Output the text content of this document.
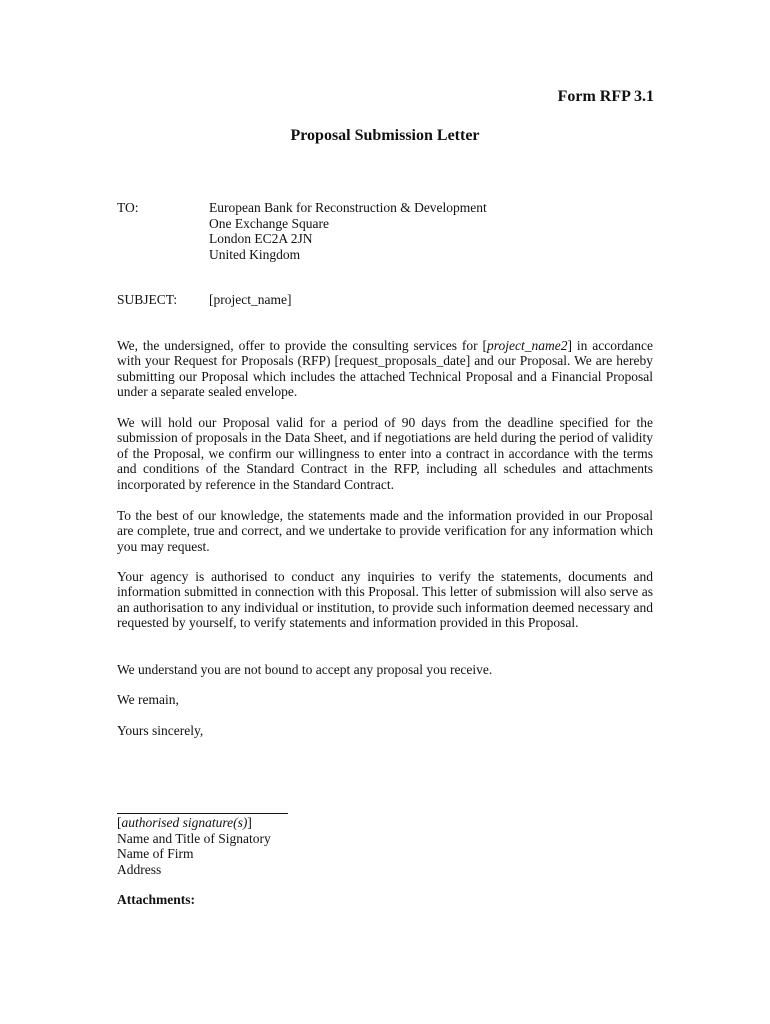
Form RFP 3.1
Proposal Submission Letter
TO:	European Bank for Reconstruction & Development
One Exchange Square
London EC2A 2JN
United Kingdom
SUBJECT: [project_name]

We, the undersigned, offer to provide the consulting services for [project_name2] in accordance with your Request for Proposals (RFP) [request_proposals_date] and our Proposal. We are hereby submitting our Proposal which includes the attached Technical Proposal and a Financial Proposal under a separate sealed envelope.

We will hold our Proposal valid for a period of 90 days from the deadline specified for the submission of proposals in the Data Sheet, and if negotiations are held during the period of validity of the Proposal, we confirm our willingness to enter into a contract in accordance with the terms and conditions of the Standard Contract in the RFP, including all schedules and attachments incorporated by reference in the Standard Contract.

To the best of our knowledge, the statements made and the information provided in our Proposal are complete, true and correct, and we undertake to provide verification for any information which you may request.

Your agency is authorised to conduct any inquiries to verify the statements, documents and information submitted in connection with this Proposal. This letter of submission will also serve as an authorisation to any individual or institution, to provide such information deemed necessary and requested by yourself, to verify statements and information provided in this Proposal.

We understand you are not bound to accept any proposal you receive.

We remain,

Yours sincerely,

[authorised signature(s)]
Name and Title of Signatory
Name of Firm
Address
Attachments:
